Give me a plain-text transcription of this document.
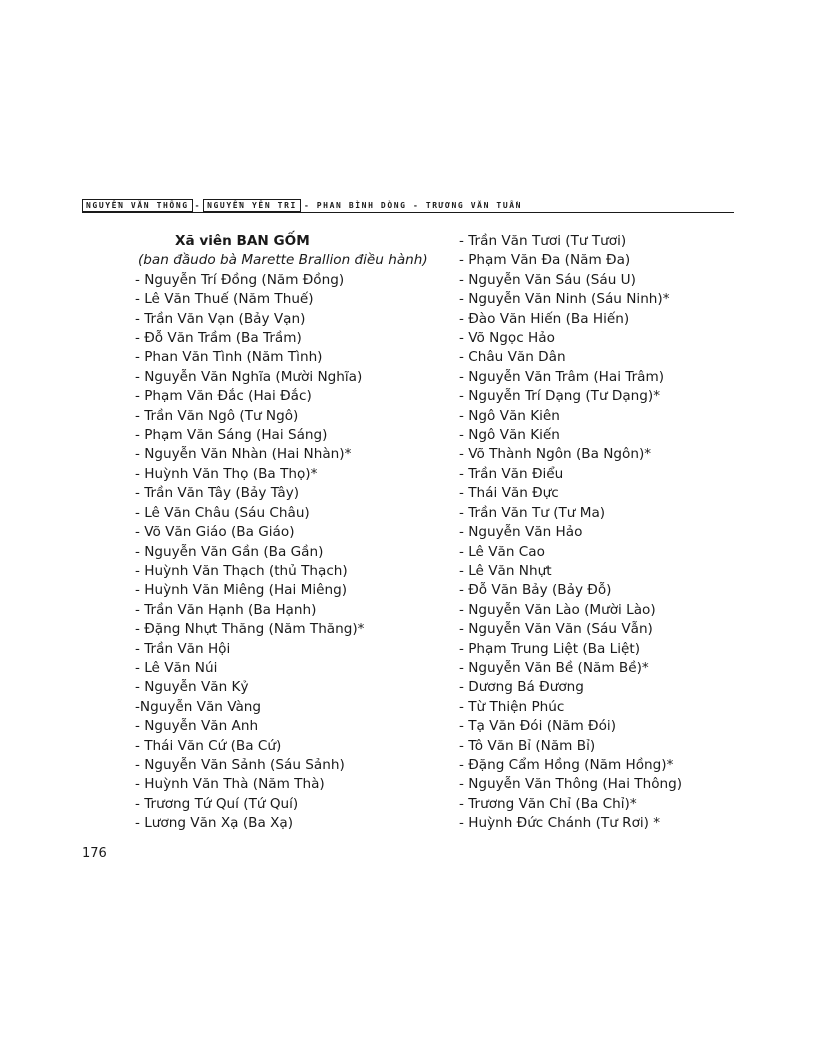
NGUYỄN VĂN THÔNG - NGUYỄN YÊN TRI - PHAN BÌNH DÒNG - TRƯƠNG VĂN TUẤN
Xã viên BAN GỐM
(ban đầudo bà Marette Brallion điều hành)
- Nguyễn Trí Đồng (Năm Đồng)
- Lê Văn Thuế (Năm Thuế)
- Trần Văn Vạn (Bảy Vạn)
- Đỗ Văn Trầm (Ba Trầm)
- Phan Văn Tình (Năm Tình)
- Nguyễn Văn Nghĩa (Mười Nghĩa)
- Phạm Văn Đắc (Hai Đắc)
- Trần Văn Ngô (Tư Ngô)
- Phạm Văn Sáng (Hai Sáng)
- Nguyễn Văn Nhàn (Hai Nhàn)*
- Huỳnh Văn Thọ (Ba Thọ)*
- Trần Văn Tây (Bảy Tây)
- Lê Văn Châu (Sáu Châu)
- Võ Văn Giáo (Ba Giáo)
- Nguyễn Văn Gần (Ba Gần)
- Huỳnh Văn Thạch (thủ Thạch)
- Huỳnh Văn Miêng (Hai Miêng)
- Trần Văn Hạnh (Ba Hạnh)
- Đặng Nhựt Thăng (Năm Thăng)*
- Trần Văn Hội
- Lê Văn Núi
- Nguyễn Văn Kỷ
-Nguyễn Văn Vàng
- Nguyễn Văn Anh
- Thái Văn Cứ (Ba Cứ)
- Nguyễn Văn Sảnh (Sáu Sảnh)
- Huỳnh Văn Thà (Năm Thà)
- Trương Tứ Quí (Tứ Quí)
- Lương Văn Xạ (Ba Xạ)
- Trần Văn Tươi (Tư Tươi)
- Phạm Văn Đa (Năm Đa)
- Nguyễn Văn Sáu (Sáu U)
- Nguyễn Văn Ninh (Sáu Ninh)*
- Đào Văn Hiến (Ba Hiến)
- Võ Ngọc Hảo
- Châu Văn Dân
- Nguyễn Văn Trâm (Hai Trâm)
- Nguyễn Trí Dạng (Tư Dạng)*
- Ngô Văn Kiên
- Ngô Văn Kiến
- Võ Thành Ngôn (Ba Ngôn)*
- Trần Văn Điểu
- Thái Văn Đực
- Trần Văn Tư (Tư Ma)
- Nguyễn Văn Hảo
- Lê Văn Cao
- Lê Văn Nhựt
- Đỗ Văn Bảy (Bảy Đỗ)
- Nguyễn Văn Lào (Mười Lào)
- Nguyễn Văn Văn (Sáu Vẫn)
- Phạm Trung Liệt (Ba Liệt)
- Nguyễn Văn Bề (Năm Bề)*
- Dương Bá Đương
- Từ Thiện Phúc
- Tạ Văn Đói (Năm Đói)
- Tô Văn Bỉ (Năm Bỉ)
- Đặng Cẩm Hồng (Năm Hồng)*
- Nguyễn Văn Thông (Hai Thông)
- Trương Văn Chỉ (Ba Chỉ)*
- Huỳnh Đức Chánh (Tư Rơi) *
176
